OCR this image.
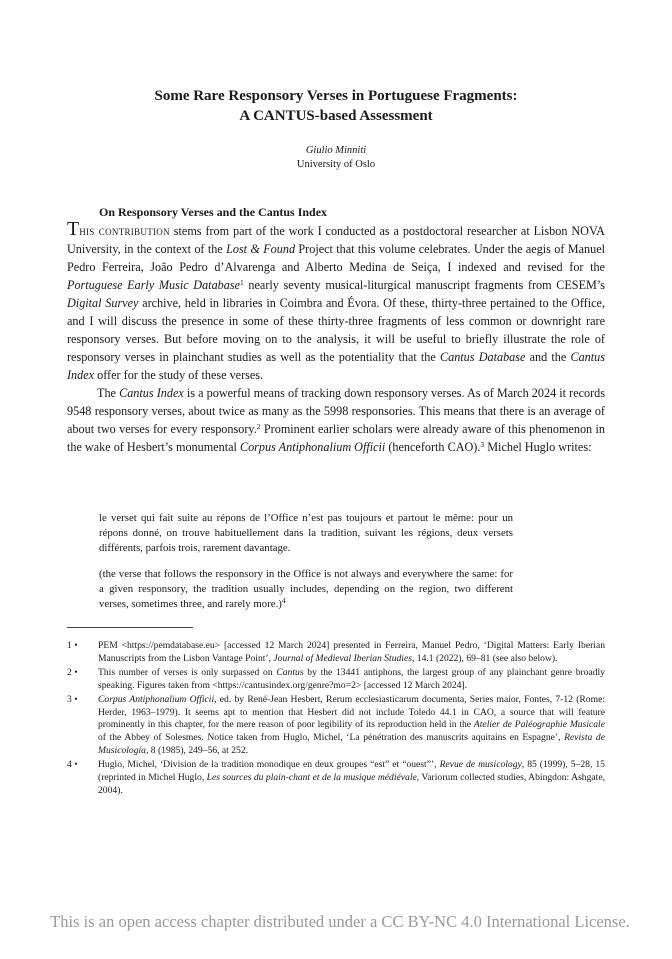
Some Rare Responsory Verses in Portuguese Fragments:
A CANTUS-based Assessment
Giulio Minniti
University of Oslo
On Responsory Verses and the Cantus Index

This contribution stems from part of the work I conducted as a postdoctoral researcher at Lisbon NOVA University, in the context of the Lost & Found Project that this volume celebrates. Under the aegis of Manuel Pedro Ferreira, João Pedro d’Alvarenga and Alberto Medina de Seiça, I indexed and revised for the Portuguese Early Music Database$^1$ nearly seventy musical-liturgical manuscript fragments from CESEM’s Digital Survey archive, held in libraries in Coimbra and Évora. Of these, thirty-three pertained to the Office, and I will discuss the presence in some of these thirty-three fragments of less common or downright rare responsory verses. But before moving on to the analysis, it will be useful to briefly illustrate the role of responsory verses in plainchant studies as well as the potentiality that the Cantus Database and the Cantus Index offer for the study of these verses.

The Cantus Index is a powerful means of tracking down responsory verses. As of March 2024 it records 9548 responsory verses, about twice as many as the 5998 responsories. This means that there is an average of about two verses for every responsory.$^2$ Prominent earlier scholars were already aware of this phenomenon in the wake of Hesbert’s monumental Corpus Antiphonalium Officii (henceforth CAO).$^3$ Michel Huglo writes:

le verset qui fait suite au répons de l’Office n’est pas toujours et partout le même: pour un répons donné, on trouve habituellement dans la tradition, suivant les régions, deux versets différents, parfois trois, rarement davantage.
(the verse that follows the responsory in the Office is not always and everywhere the same: for a given responsory, the tradition usually includes, depending on the region, two different verses, sometimes three, and rarely more.)$^4$
1 • PEM <https://pemdatabase.eu> [accessed 12 March 2024] presented in Ferreira, Manuel Pedro, ‘Digital Matters: Early Iberian Manuscripts from the Lisbon Vantage Point’, Journal of Medieval Iberian Studies, 14.1 (2022), 69–81 (see also below).
2 • This number of verses is only surpassed on Cantus by the 13441 antiphons, the largest group of any plainchant genre broadly speaking. Figures taken from <https://cantusindex.org/genre?mo=2> [accessed 12 March 2024].
3 • Corpus Antiphonalium Officii, ed. by René-Jean Hesbert, Rerum ecclesiasticarum documenta, Series maior, Fontes, 7-12 (Rome: Herder, 1963–1979). It seems apt to mention that Hesbert did not include Toledo 44.1 in CAO, a source that will feature prominently in this chapter, for the mere reason of poor legibility of its reproduction held in the Atelier de Paléographie Musicale of the Abbey of Solesmes. Notice taken from Huglo, Michel, ‘La pénétration des manuscrits aquitains en Espagne’, Revista de Musicología, 8 (1985), 249–56, at 252.
4 • Huglo, Michel, ‘Division de la tradition monodique en deux groupes “est” et “ouest”’, Revue de musicology, 85 (1999), 5–28, 15 (reprinted in Michel Huglo, Les sources du plain-chant et de la musique médiévale, Variorum collected studies, Abingdon: Ashgate, 2004).
This is an open access chapter distributed under a CC BY-NC 4.0 International License.
